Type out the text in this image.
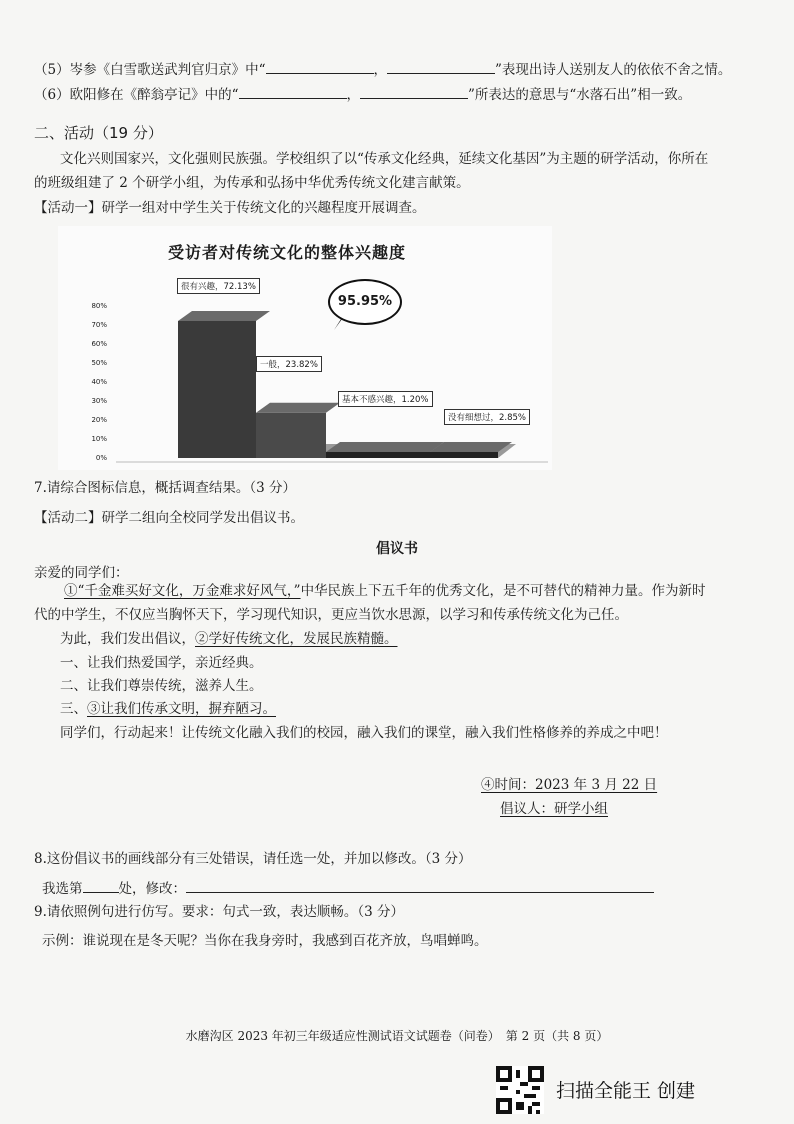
（5）岑参《白雪歌送武判官归京》中“	，	”表现出诗人送别友人的依依不舍之情。
（6）欧阳修在《醉翁亭记》中的“	，	”所表达的意思与“水落石出”相一致。
二、活动（19 分）
文化兴则国家兴，文化强则民族强。学校组织了以“传承文化经典，延续文化基因”为主题的研学活动，你所在
的班级组建了 2 个研学小组，为传承和弘扬中华优秀传统文化建言献策。
【活动一】研学一组对中学生关于传统文化的兴趣程度开展调查。
受访者对传统文化的整体兴趣度
80%
70%
60%
50%
40%
30%
20%
10%
0%
很有兴趣，72.13%
一般，23.82%
基本不感兴趣，1.20%
没有细想过，2.85%
95.95%
7.请综合图标信息，概括调查结果。（3 分）
【活动二】研学二组向全校同学发出倡议书。
倡议书
亲爱的同学们：
①“千金难买好文化，万金难求好风气，”中华民族上下五千年的优秀文化，是不可替代的精神力量。作为新时
代的中学生，不仅应当胸怀天下，学习现代知识，更应当饮水思源，以学习和传承传统文化为己任。
为此，我们发出倡议，②学好传统文化，发展民族精髓。
一、让我们热爱国学，亲近经典。
二、让我们尊崇传统，滋养人生。
三、③让我们传承文明，摒弃陋习。
同学们，行动起来！让传统文化融入我们的校园，融入我们的课堂，融入我们性格修养的养成之中吧！
④时间：2023 年 3 月 22 日
倡议人：研学小组
8.这份倡议书的画线部分有三处错误，请任选一处，并加以修改。（3 分）
我选第	处，修改：
9.请依照例句进行仿写。要求：句式一致，表达顺畅。（3 分）
示例：谁说现在是冬天呢？当你在我身旁时，我感到百花齐放，鸟唱蝉鸣。
水磨沟区 2023 年初三年级适应性测试语文试题卷（问卷）　第 2 页（共 8 页）
扫描全能王 创建
